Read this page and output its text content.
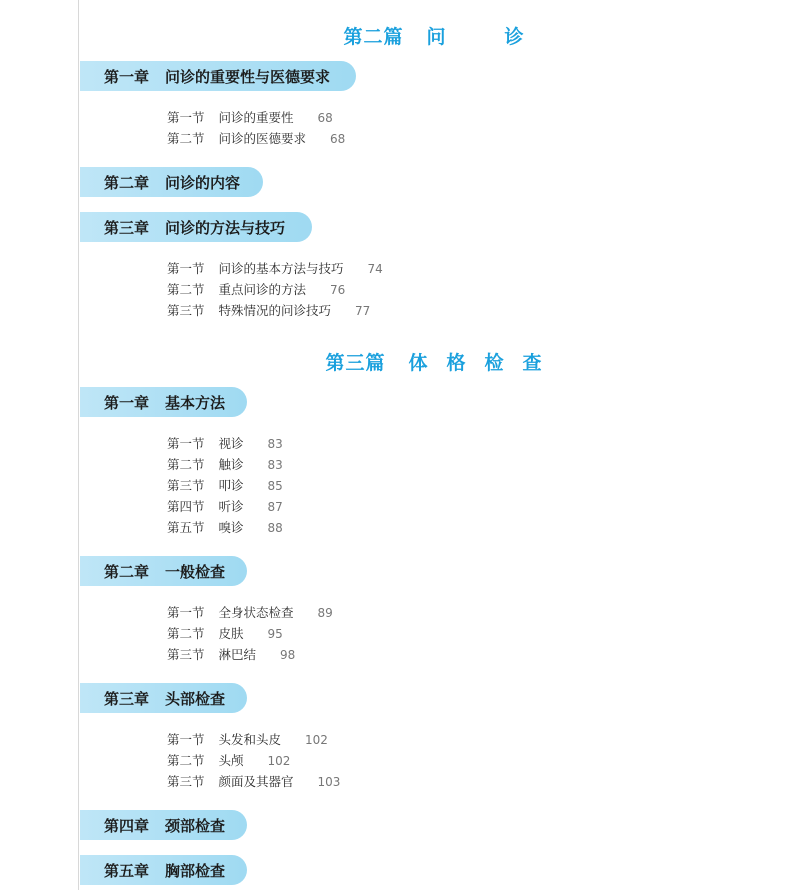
第二篇 问	诊
第一章 问诊的重要性与医德要求
第一节 问诊的重要性 68
第二节 问诊的医德要求 68
第二章 问诊的内容
第三章 问诊的方法与技巧
第一节 问诊的基本方法与技巧 74
第二节 重点问诊的方法 76
第三节 特殊情况的问诊技巧 77
第三篇 体 格 检 查
第一章 基本方法
第一节 视诊 83
第二节 触诊 83
第三节 叩诊 85
第四节 听诊 87
第五节 嗅诊 88
第二章 一般检查
第一节 全身状态检查 89
第二节 皮肤 95
第三节 淋巴结 98
第三章 头部检查
第一节 头发和头皮 102
第二节 头颅 102
第三节 颜面及其器官 103
第四章 颈部检查
第五章 胸部检查
